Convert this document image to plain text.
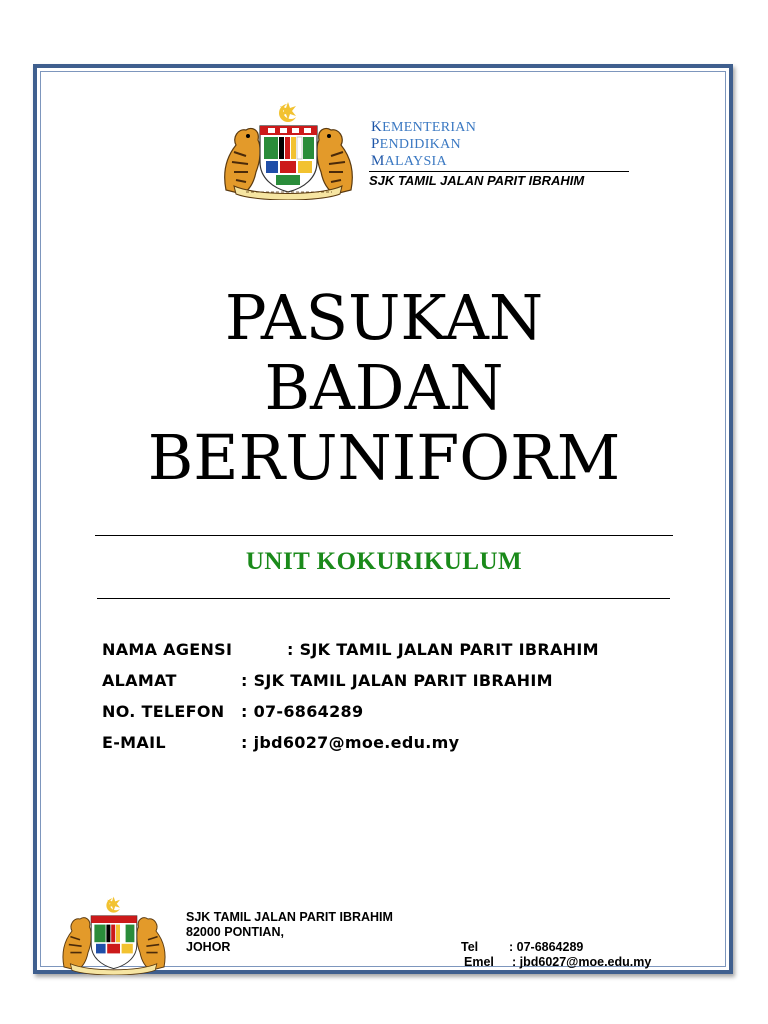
KEMENTERIAN
PENDIDIKAN
MALAYSIA
SJK TAMIL JALAN PARIT IBRAHIM
PASUKAN
BADAN
BERUNIFORM
UNIT KOKURIKULUM
NAMA AGENSI	: SJK TAMIL JALAN PARIT IBRAHIM
ALAMAT	: SJK TAMIL JALAN PARIT IBRAHIM
NO. TELEFON : 07-6864289
E-MAIL	: jbd6027@moe.edu.my
SJK TAMIL JALAN PARIT IBRAHIM
82000 PONTIAN,
JOHOR	Tel : 07-6864289
Emel : jbd6027@moe.edu.my
